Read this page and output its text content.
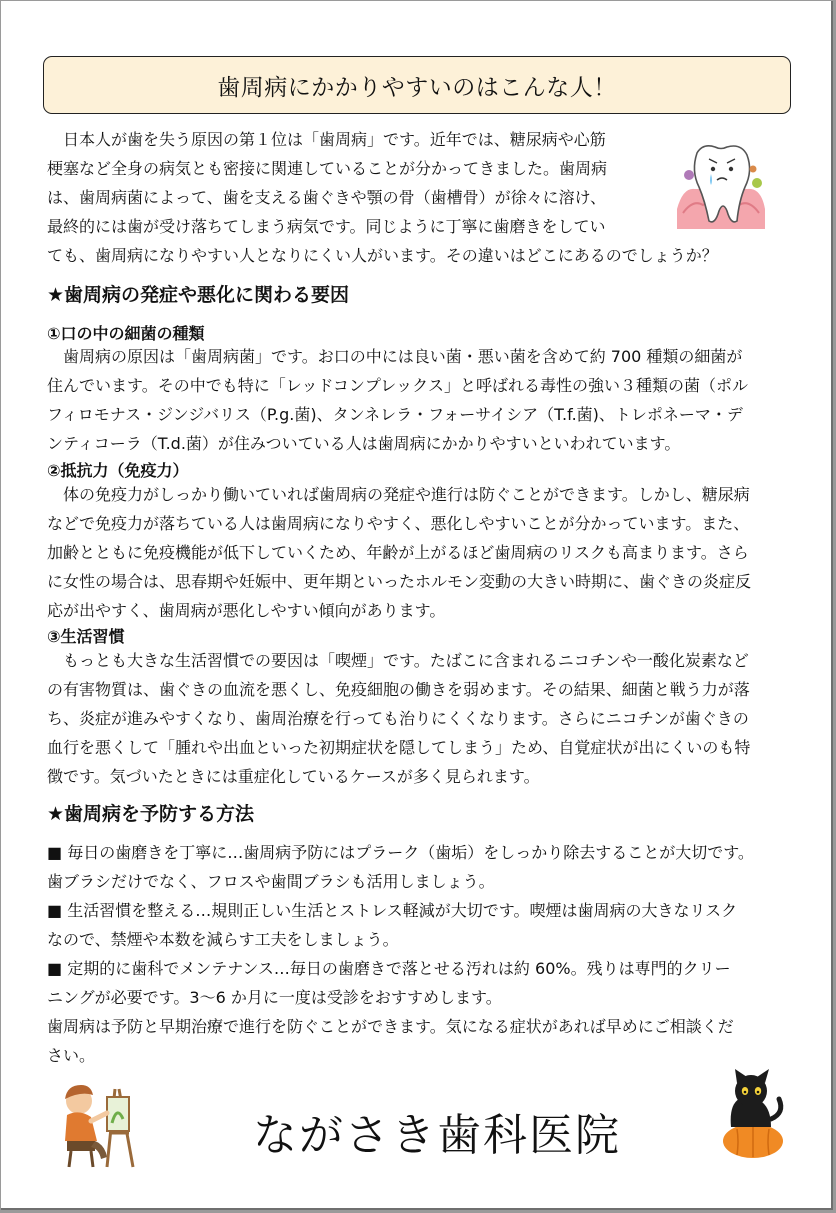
歯周病にかかりやすいのはこんな人！
　日本人が歯を失う原因の第１位は「歯周病」です。近年では、糖尿病や心筋
梗塞など全身の病気とも密接に関連していることが分かってきました。歯周病
は、歯周病菌によって、歯を支える歯ぐきや顎の骨（歯槽骨）が徐々に溶け、
最終的には歯が受け落ちてしまう病気です。同じように丁寧に歯磨きをしてい
ても、歯周病になりやすい人となりにくい人がいます。その違いはどこにあるのでしょうか？
★歯周病の発症や悪化に関わる要因
①口の中の細菌の種類
　歯周病の原因は「歯周病菌」です。お口の中には良い菌・悪い菌を含めて約 700 種類の細菌が
住んでいます。その中でも特に「レッドコンプレックス」と呼ばれる毒性の強い３種類の菌（ポル
フィロモナス・ジンジバリス（P.g.菌)、タンネレラ・フォーサイシア（T.f.菌)、トレポネーマ・デ
ンティコーラ（T.d.菌）が住みついている人は歯周病にかかりやすいといわれています。
②抵抗力（免疫力）
　体の免疫力がしっかり働いていれば歯周病の発症や進行は防ぐことができます。しかし、糖尿病
などで免疫力が落ちている人は歯周病になりやすく、悪化しやすいことが分かっています。また、
加齢とともに免疫機能が低下していくため、年齢が上がるほど歯周病のリスクも高まります。さら
に女性の場合は、思春期や妊娠中、更年期といったホルモン変動の大きい時期に、歯ぐきの炎症反
応が出やすく、歯周病が悪化しやすい傾向があります。
③生活習慣
　もっとも大きな生活習慣での要因は「喫煙」です。たばこに含まれるニコチンや一酸化炭素など
の有害物質は、歯ぐきの血流を悪くし、免疫細胞の働きを弱めます。その結果、細菌と戦う力が落
ち、炎症が進みやすくなり、歯周治療を行っても治りにくくなります。さらにニコチンが歯ぐきの
血行を悪くして「腫れや出血といった初期症状を隠してしまう」ため、自覚症状が出にくいのも特
徴です。気づいたときには重症化しているケースが多く見られます。
★歯周病を予防する方法
■ 毎日の歯磨きを丁寧に…歯周病予防にはプラーク（歯垢）をしっかり除去することが大切です。
歯ブラシだけでなく、フロスや歯間ブラシも活用しましょう。
■ 生活習慣を整える…規則正しい生活とストレス軽減が大切です。喫煙は歯周病の大きなリスク
なので、禁煙や本数を減らす工夫をしましょう。
■ 定期的に歯科でメンテナンス…毎日の歯磨きで落とせる汚れは約 60%。残りは専門的クリー
ニングが必要です。3～6 か月に一度は受診をおすすめします。
歯周病は予防と早期治療で進行を防ぐことができます。気になる症状があれば早めにご相談くだ
さい。
ながさき歯科医院
